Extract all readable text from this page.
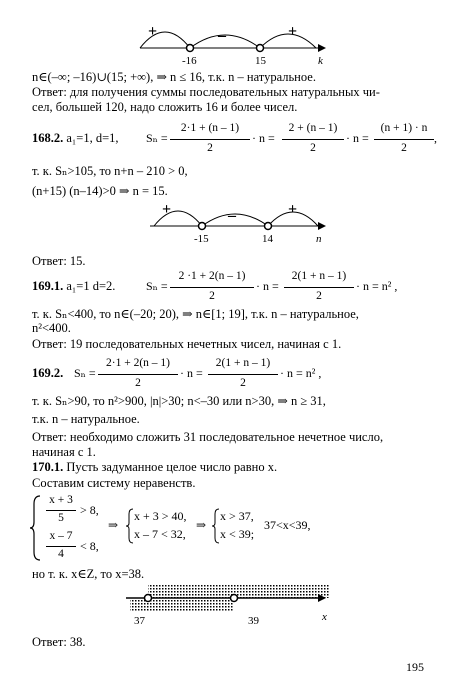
+	–	+
-16	15	k
n∈(–∞; –16)∪(15; +∞), ⇒ n ≤ 16, т.к. n – натуральное.
Ответ: для получения суммы последовательных натуральных чи-
сел, большей 120, надо сложить 16 и более чисел.
168.2. a₁=1, d=1, Sₙ =
2·1 + (n – 1)
2
· n =
2 + (n – 1)
2
· n =
(n + 1) · n
2
,
т. к. Sₙ>105, то n+n – 210 > 0,
(n+15) (n–14)>0 ⇒ n = 15.
+	–	+
-15	14	n
Ответ: 15.
169.1. a₁=1 d=2.	Sₙ =
2 ·1 + 2(n – 1)
2
· n =
2(1 + n – 1)
2
· n = n² ,
т. к. Sₙ<400, то n∈(–20; 20), ⇒ n∈[1; 19], т.к. n – натуральное,
n²<400.
Ответ: 19 последовательных нечетных чисел, начиная с 1.
169.2. Sₙ =
2·1 + 2(n – 1)
2
· n =
2(1 + n – 1)
2
· n = n² ,
т. к. Sₙ>90, то n²>900, |n|>30; n<–30 или n>30, ⇒ n ≥ 31,
т.к. n – натуральное.
Ответ: необходимо сложить 31 последовательное нечетное число,
начиная с 1.
170.1. Пусть задуманное целое число равно x.
Составим систему неравенств.
x + 3
5
> 8,
x – 7
4
< 8,
⇒
x + 3 > 40,
x – 7 < 32,
⇒
x > 37,
x < 39;
37<x<39,
но т. к. x∈Z, то x=38.
37	39	x
Ответ: 38.
195
